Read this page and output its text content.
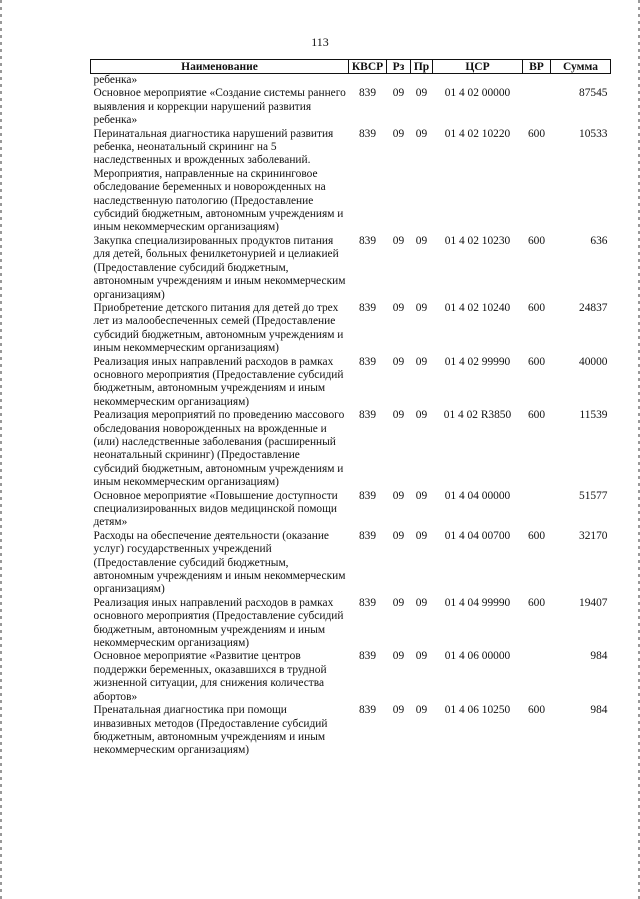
113
Наименование	КВСР	Рз	Пр	ЦСР	ВР	Сумма
ребенка»						
Основное мероприятие «Создание системы раннего выявления и коррекции нарушений развития ребенка»	839	09	09	01 4 02 00000		87545
Перинатальная диагностика нарушений развития ребенка, неонатальный скрининг на 5 наследственных и врожденных заболеваний. Мероприятия, направленные на скрининговое обследование беременных и новорожденных на наследственную патологию (Предоставление субсидий бюджетным, автономным учреждениям и иным некоммерческим организациям)	839	09	09	01 4 02 10220	600	10533
Закупка специализированных продуктов питания для детей, больных фенилкетонурией и целиакией (Предоставление субсидий бюджетным, автономным учреждениям и иным некоммерческим организациям)	839	09	09	01 4 02 10230	600	636
Приобретение детского питания для детей до трех лет из малообеспеченных семей (Предоставление субсидий бюджетным, автономным учреждениям и иным некоммерческим организациям)	839	09	09	01 4 02 10240	600	24837
Реализация иных направлений расходов в рамках основного мероприятия (Предоставление субсидий бюджетным, автономным учреждениям и иным некоммерческим организациям)	839	09	09	01 4 02 99990	600	40000
Реализация мероприятий по проведению массового обследования новорожденных на врожденные и (или) наследственные заболевания (расширенный неонатальный скрининг) (Предоставление субсидий бюджетным, автономным учреждениям и иным некоммерческим организациям)	839	09	09	01 4 02 R3850	600	11539
Основное мероприятие «Повышение доступности специализированных видов медицинской помощи детям»	839	09	09	01 4 04 00000		51577
Расходы на обеспечение деятельности (оказание услуг) государственных учреждений (Предоставление субсидий бюджетным, автономным учреждениям и иным некоммерческим организациям)	839	09	09	01 4 04 00700	600	32170
Реализация иных направлений расходов в рамках основного мероприятия (Предоставление субсидий бюджетным, автономным учреждениям и иным некоммерческим организациям)	839	09	09	01 4 04 99990	600	19407
Основное мероприятие «Развитие центров поддержки беременных, оказавшихся в трудной жизненной ситуации, для снижения количества абортов»	839	09	09	01 4 06 00000		984
Пренатальная диагностика при помощи инвазивных методов (Предоставление субсидий бюджетным, автономным учреждениям и иным некоммерческим организациям)	839	09	09	01 4 06 10250	600	984
